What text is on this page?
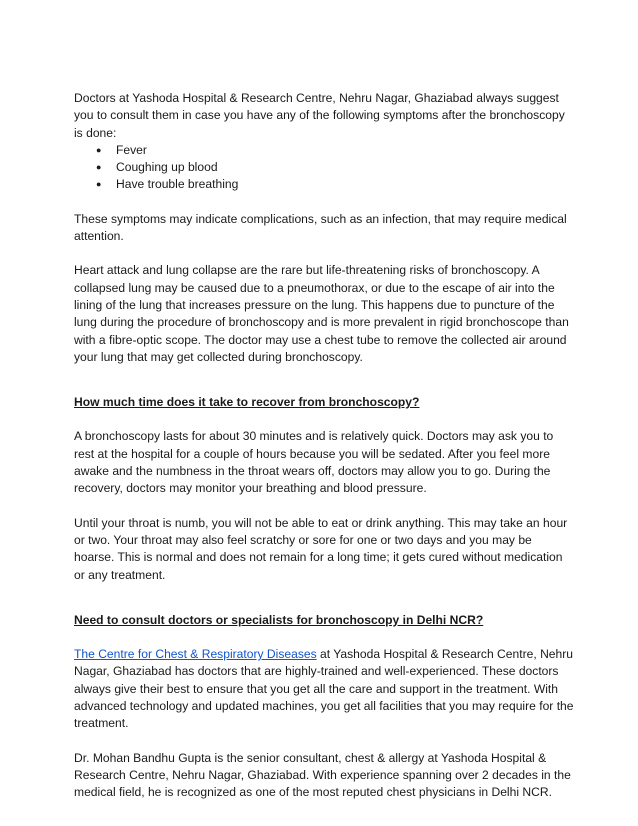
Doctors at Yashoda Hospital & Research Centre, Nehru Nagar, Ghaziabad always suggest you to consult them in case you have any of the following symptoms after the bronchoscopy is done:

● Fever
● Coughing up blood
● Have trouble breathing

These symptoms may indicate complications, such as an infection, that may require medical attention.

Heart attack and lung collapse are the rare but life-threatening risks of bronchoscopy. A collapsed lung may be caused due to a pneumothorax, or due to the escape of air into the lining of the lung that increases pressure on the lung. This happens due to puncture of the lung during the procedure of bronchoscopy and is more prevalent in rigid bronchoscope than with a fibre-optic scope. The doctor may use a chest tube to remove the collected air around your lung that may get collected during bronchoscopy.

How much time does it take to recover from bronchoscopy?

A bronchoscopy lasts for about 30 minutes and is relatively quick. Doctors may ask you to rest at the hospital for a couple of hours because you will be sedated. After you feel more awake and the numbness in the throat wears off, doctors may allow you to go. During the recovery, doctors may monitor your breathing and blood pressure.

Until your throat is numb, you will not be able to eat or drink anything. This may take an hour or two. Your throat may also feel scratchy or sore for one or two days and you may be hoarse. This is normal and does not remain for a long time; it gets cured without medication or any treatment.

Need to consult doctors or specialists for bronchoscopy in Delhi NCR?

The Centre for Chest & Respiratory Diseases at Yashoda Hospital & Research Centre, Nehru Nagar, Ghaziabad has doctors that are highly-trained and well-experienced. These doctors always give their best to ensure that you get all the care and support in the treatment. With advanced technology and updated machines, you get all facilities that you may require for the treatment.

Dr. Mohan Bandhu Gupta is the senior consultant, chest & allergy at Yashoda Hospital & Research Centre, Nehru Nagar, Ghaziabad. With experience spanning over 2 decades in the medical field, he is recognized as one of the most reputed chest physicians in Delhi NCR.
